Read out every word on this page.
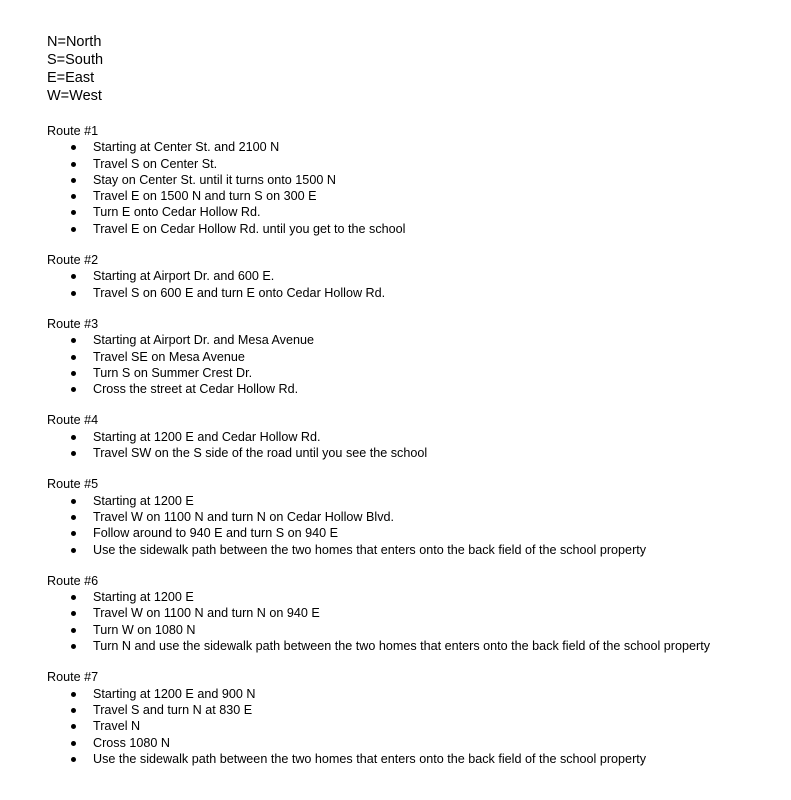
N=North
S=South
E=East
W=West
Route #1
Starting at Center St. and 2100 N
Travel S on Center St.
Stay on Center St. until it turns onto 1500 N
Travel E on 1500 N and turn S on 300 E
Turn E onto Cedar Hollow Rd.
Travel E on Cedar Hollow Rd. until you get to the school
Route #2
Starting at Airport Dr. and 600 E.
Travel S on 600 E and turn E onto Cedar Hollow Rd.
Route #3
Starting at Airport Dr. and Mesa Avenue
Travel SE on Mesa Avenue
Turn S on Summer Crest Dr.
Cross the street at Cedar Hollow Rd.
Route #4
Starting at 1200 E and Cedar Hollow Rd.
Travel SW on the S side of the road until you see the school
Route #5
Starting at 1200 E
Travel W on 1100 N and turn N on Cedar Hollow Blvd.
Follow around to 940 E and turn S on 940 E
Use the sidewalk path between the two homes that enters onto the back field of the school property
Route #6
Starting at 1200 E
Travel W on 1100 N and turn N on 940 E
Turn W on 1080 N
Turn N and use the sidewalk path between the two homes that enters onto the back field of the school property
Route #7
Starting at 1200 E and 900 N
Travel S and turn N at 830 E
Travel N
Cross 1080 N
Use the sidewalk path between the two homes that enters onto the back field of the school property
